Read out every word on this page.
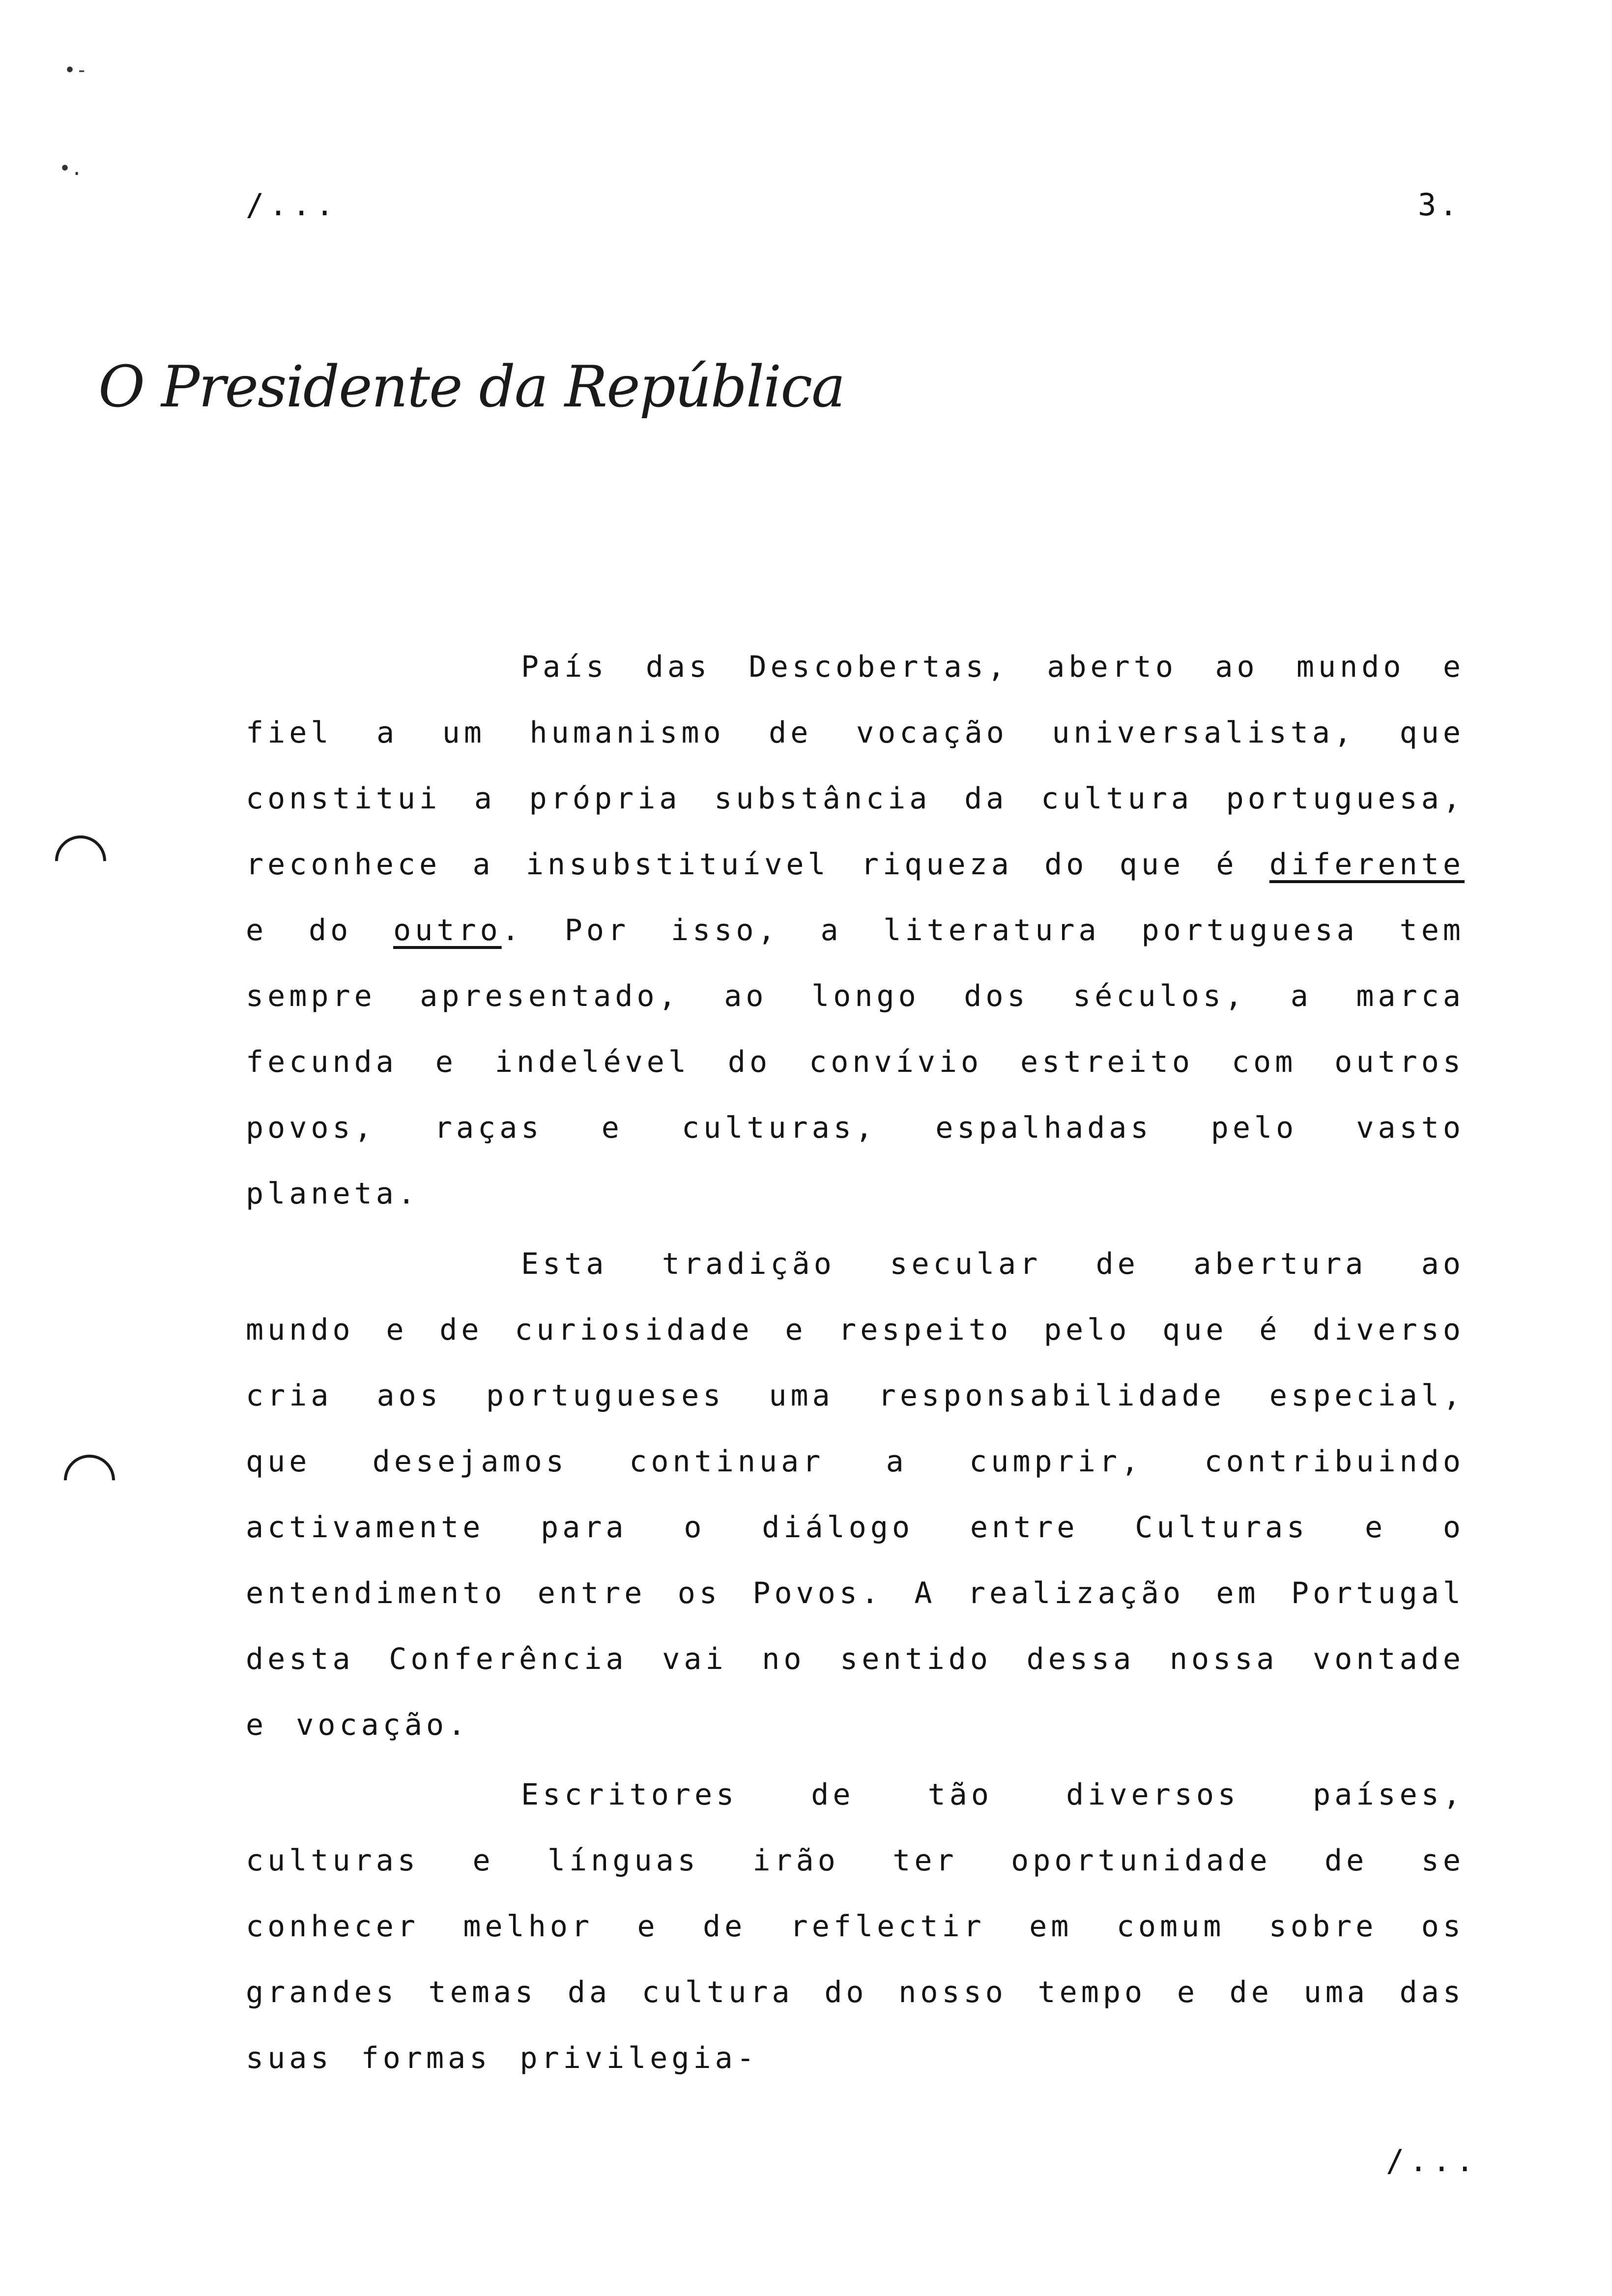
•-
•.
/...	3.
O Presidente da República
País das Descobertas, aberto ao mundo e fiel a um humanismo de vocação universalista, que constitui a própria substância da cultura portuguesa, reconhece a insubstituível riqueza do que é diferente e do outro. Por isso, a literatura portuguesa tem sempre apresentado, ao longo dos séculos, a marca fecunda e indelével do convívio estreito com outros povos, raças e culturas, espalhadas pelo vasto planeta.
Esta tradição secular de abertura ao mundo e de curiosidade e respeito pelo que é diverso cria aos portugueses uma responsabilidade especial, que desejamos continuar a cumprir, contribuindo activamente para o diálogo entre Culturas e o entendimento entre os Povos. A realização em Portugal desta Conferência vai no sentido dessa nossa vontade e vocação.
Escritores de tão diversos países, culturas e línguas irão ter oportunidade de se conhecer melhor e de reflectir em comum sobre os grandes temas da cultura do nosso tempo e de uma das suas formas privilegia-
/...
